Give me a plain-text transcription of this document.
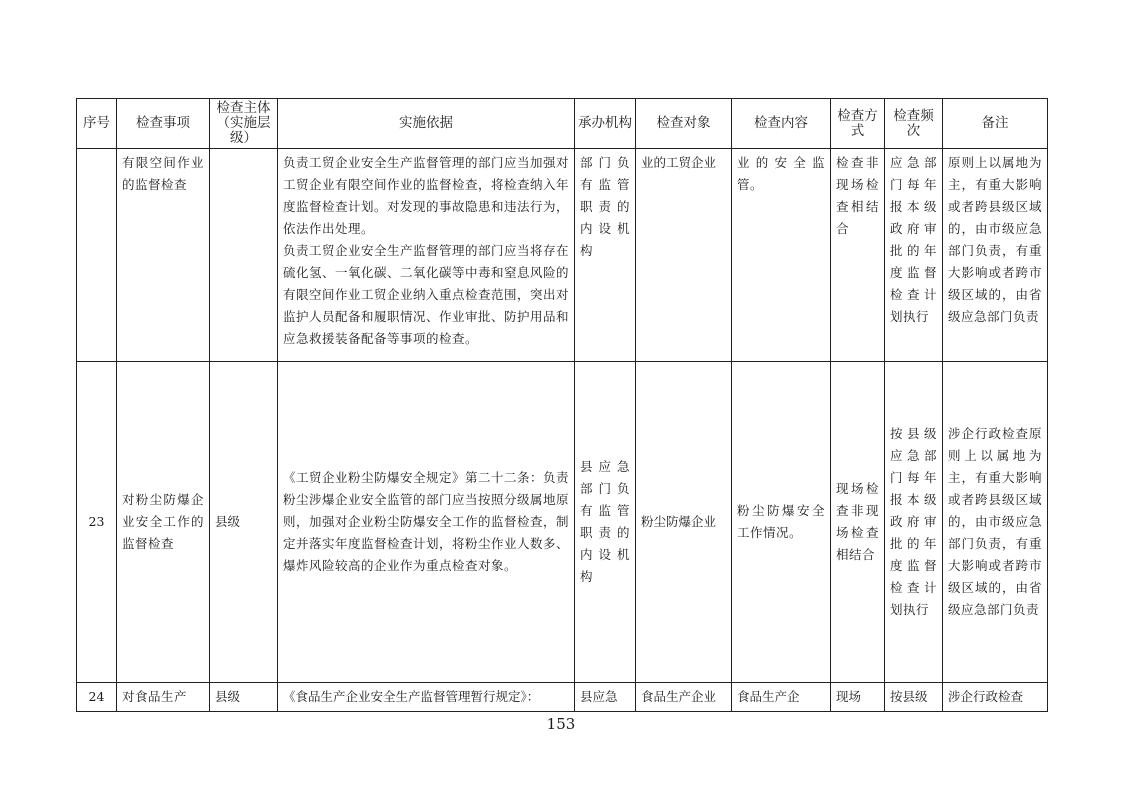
序号	检查事项	检查主体（实施层级）	实施依据	承办机构	检查对象	检查内容	检查方式	检查频次	备注
	有限空间作业的监督检查		负责工贸企业安全生产监督管理的部门应当加强对工贸企业有限空间作业的监督检查，将检查纳入年度监督检查计划。对发现的事故隐患和违法行为，依法作出处理。
负责工贸企业安全生产监督管理的部门应当将存在硫化氢、一氧化碳、二氧化碳等中毒和窒息风险的有限空间作业工贸企业纳入重点检查范围，突出对监护人员配备和履职情况、作业审批、防护用品和应急救援装备配备等事项的检查。	部门负有监管职责的内设机构	业的工贸企业	业的安全监管。	检查非现场检查相结合	应急部门每年报本级政府审批的年度监督检查计划执行	原则上以属地为主，有重大影响或者跨县级区域的，由市级应急部门负责，有重大影响或者跨市级区域的，由省级应急部门负责
23	对粉尘防爆企业安全工作的监督检查	县级	《工贸企业粉尘防爆安全规定》第二十二条：负责粉尘涉爆企业安全监管的部门应当按照分级属地原则，加强对企业粉尘防爆安全工作的监督检查，制定并落实年度监督检查计划，将粉尘作业人数多、爆炸风险较高的企业作为重点检查对象。	县应急部门负有监管职责的内设机构	粉尘防爆企业	粉尘防爆安全工作情况。	现场检查非现场检查相结合	按县级应急部门每年报本级政府审批的年度监督检查计划执行	涉企行政检查原则上以属地为主，有重大影响或者跨县级区域的，由市级应急部门负责，有重大影响或者跨市级区域的，由省级应急部门负责
24	对食品生产	县级	《食品生产企业安全生产监督管理暂行规定》：	县应急	食品生产企业	食品生产企	现场	按县级	涉企行政检查
153
